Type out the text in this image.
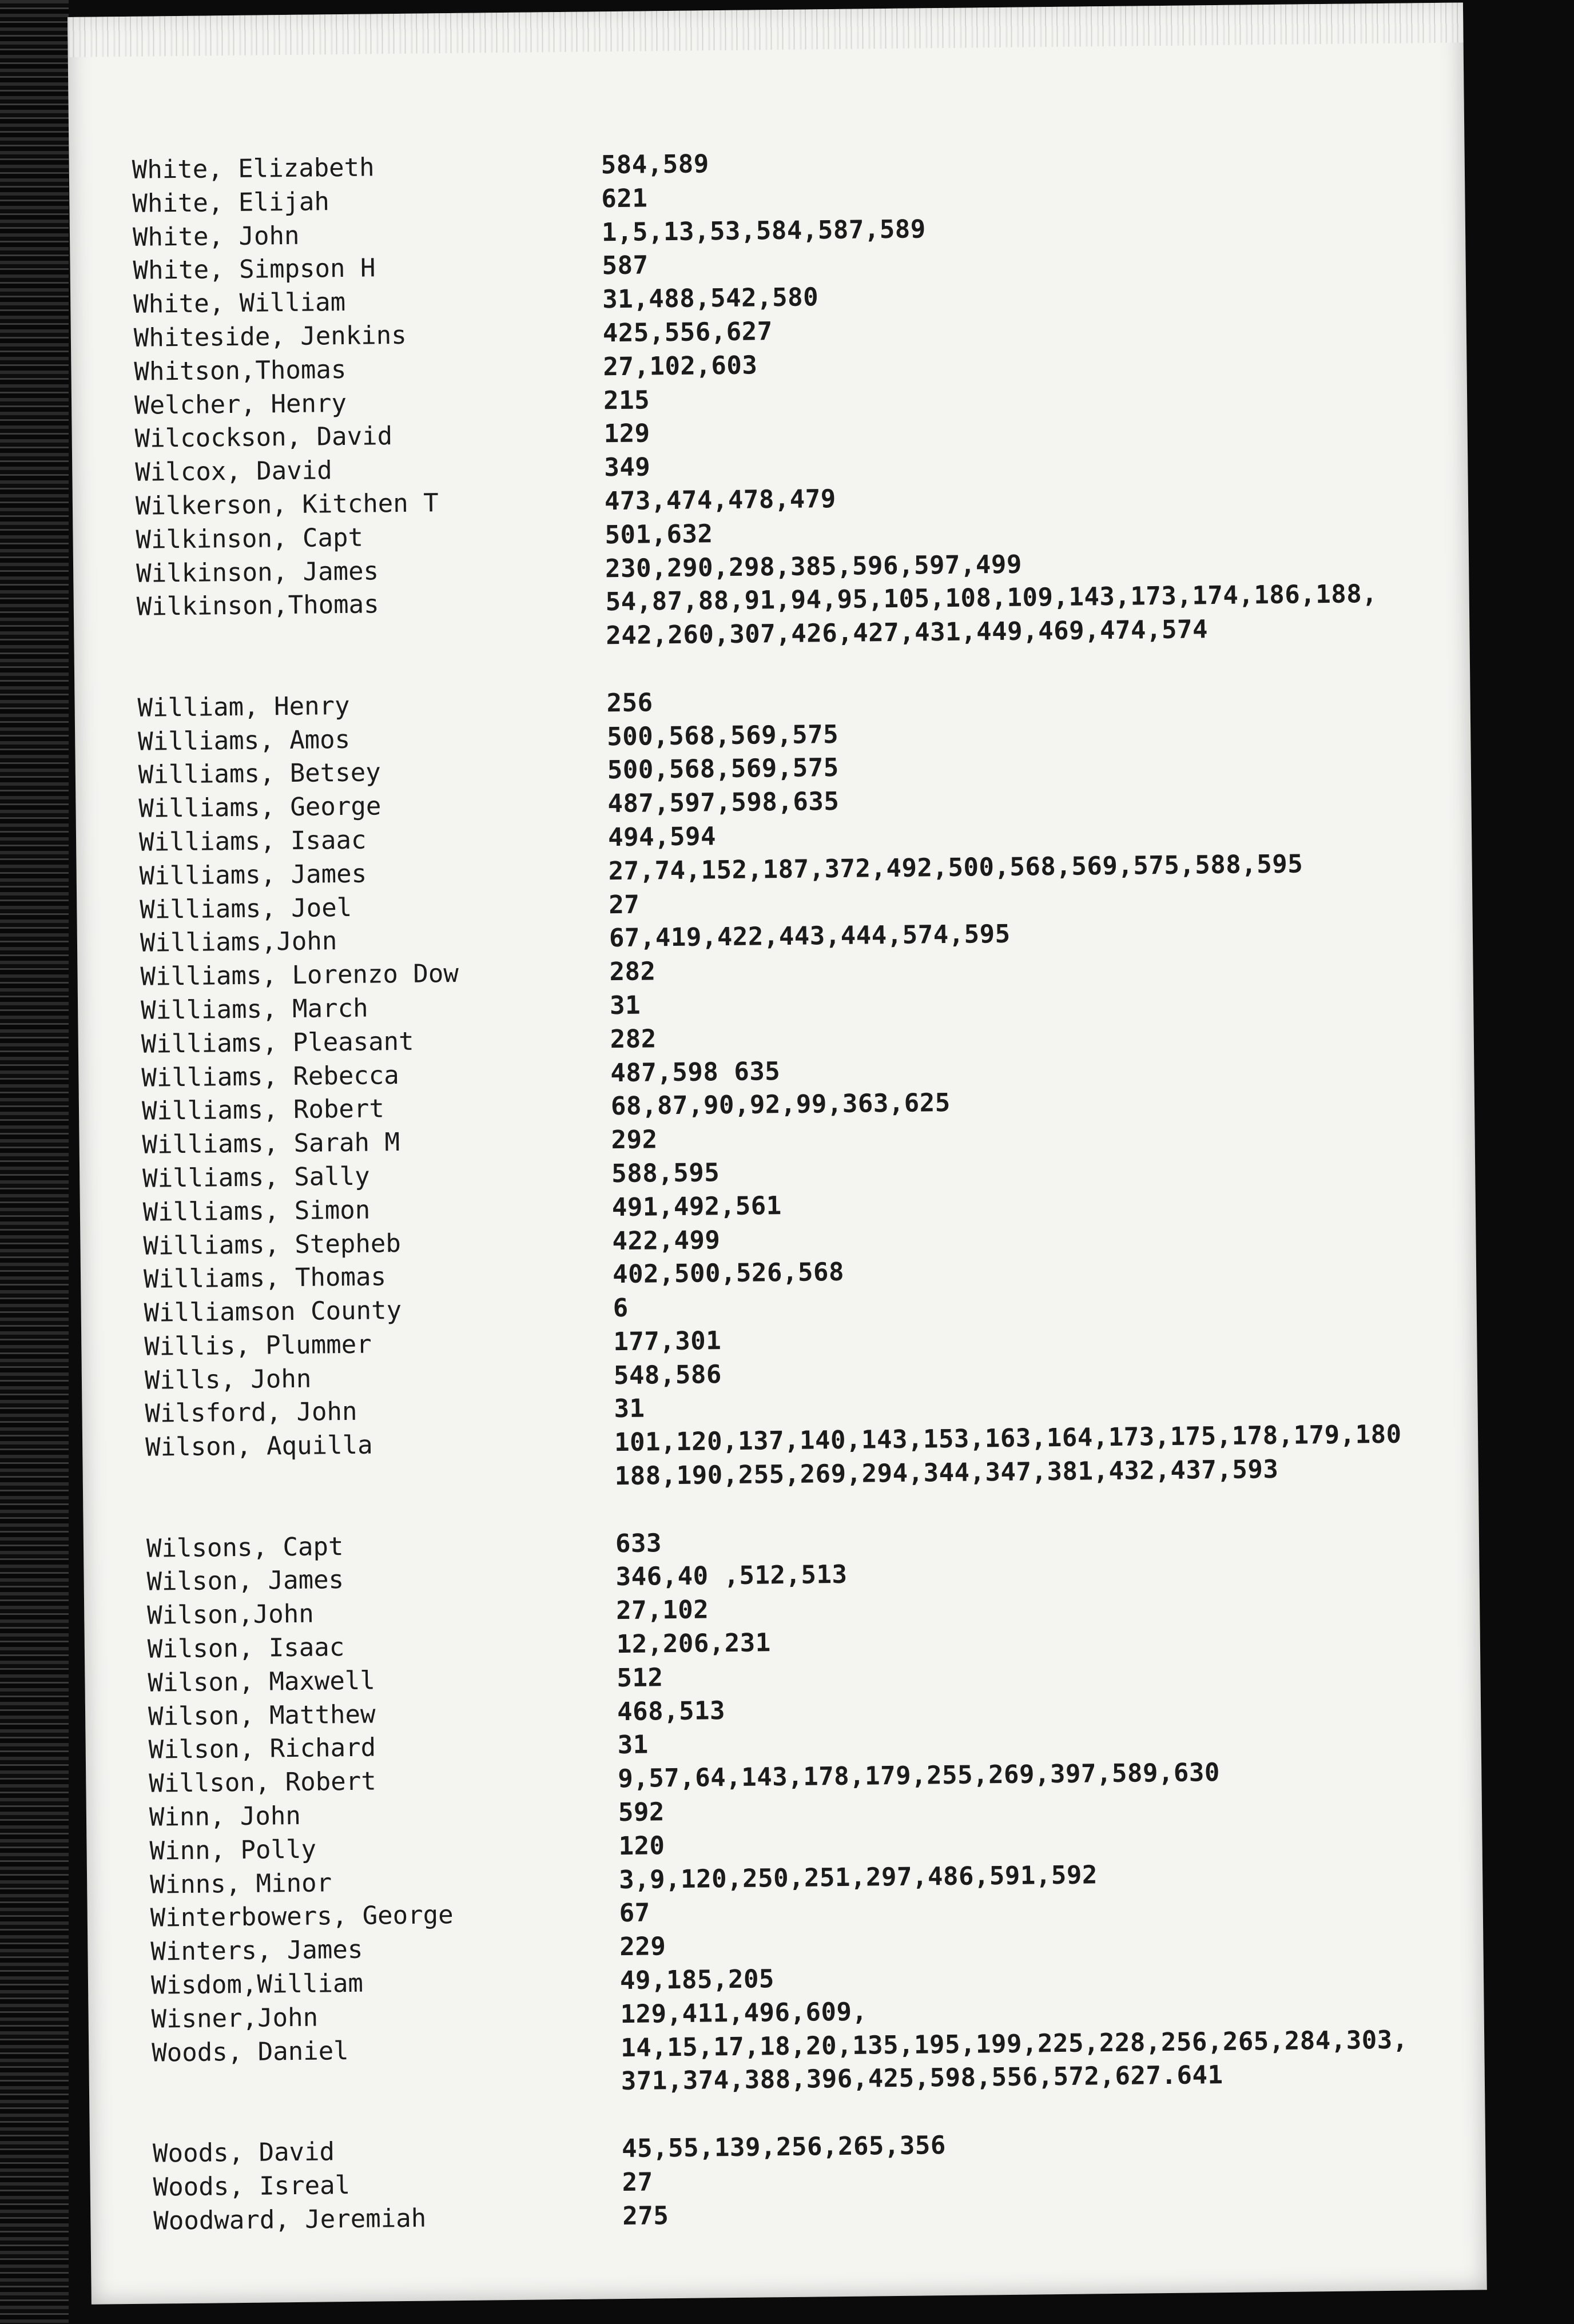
White, Elizabeth	584,589
White, Elijah	621
White, John	1,5,13,53,584,587,589
White, Simpson H	587
White, William	31,488,542,580
Whiteside, Jenkins	425,556,627
Whitson,Thomas	27,102,603
Welcher, Henry	215
Wilcockson, David	129
Wilcox, David	349
Wilkerson, Kitchen T	473,474,478,479
Wilkinson, Capt	501,632
Wilkinson, James	230,290,298,385,596,597,499
Wilkinson,Thomas	54,87,88,91,94,95,105,108,109,143,173,174,186,188,
242,260,307,426,427,431,449,469,474,574
William, Henry	256
Williams, Amos	500,568,569,575
Williams, Betsey	500,568,569,575
Williams, George	487,597,598,635
Williams, Isaac	494,594
Williams, James	27,74,152,187,372,492,500,568,569,575,588,595
Williams, Joel	27
Williams,John	67,419,422,443,444,574,595
Williams, Lorenzo Dow	282
Williams, March	31
Williams, Pleasant	282
Williams, Rebecca	487,598 635
Williams, Robert	68,87,90,92,99,363,625
Williams, Sarah M	292
Williams, Sally	588,595
Williams, Simon	491,492,561
Williams, Stepheb	422,499
Williams, Thomas	402,500,526,568
Williamson County	6
Willis, Plummer	177,301
Wills, John	548,586
Wilsford, John	31
Wilson, Aquilla	101,120,137,140,143,153,163,164,173,175,178,179,180
188,190,255,269,294,344,347,381,432,437,593
Wilsons, Capt	633
Wilson, James	346,40 ,512,513
Wilson,John	27,102
Wilson, Isaac	12,206,231
Wilson, Maxwell	512
Wilson, Matthew	468,513
Wilson, Richard	31
Willson, Robert	9,57,64,143,178,179,255,269,397,589,630
Winn, John	592
Winn, Polly	120
Winns, Minor	3,9,120,250,251,297,486,591,592
Winterbowers, George	67
Winters, James	229
Wisdom,William	49,185,205
Wisner,John	129,411,496,609,
Woods, Daniel	14,15,17,18,20,135,195,199,225,228,256,265,284,303,
371,374,388,396,425,598,556,572,627.641
Woods, David	45,55,139,256,265,356
Woods, Isreal	27
Woodward, Jeremiah	275
